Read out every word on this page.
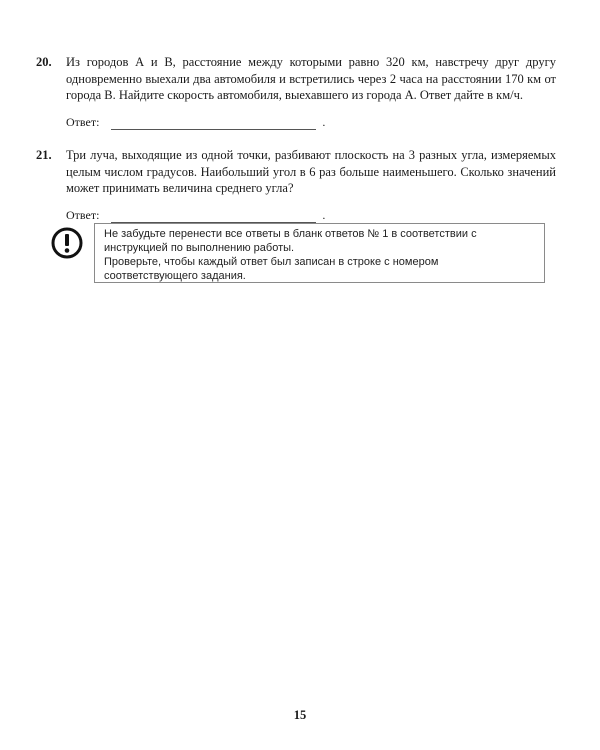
20. Из городов А и В, расстояние между которыми равно 320 км, навстречу друг другу одновременно выехали два автомобиля и встретились через 2 часа на расстоянии 170 км от города В. Найдите скорость автомобиля, выехавшего из города А. Ответ дайте в км/ч.
Ответ:	.
21. Три луча, выходящие из одной точки, разбивают плоскость на 3 разных угла, измеряемых целым числом градусов. Наибольший угол в 6 раз больше наименьшего. Сколько значений может принимать величина среднего угла?
Ответ:	.

Не забудьте перенести все ответы в бланк ответов № 1 в соответствии с инструкцией по выполнению работы.

Проверьте, чтобы каждый ответ был записан в строке с номером соответствующего задания.

15
